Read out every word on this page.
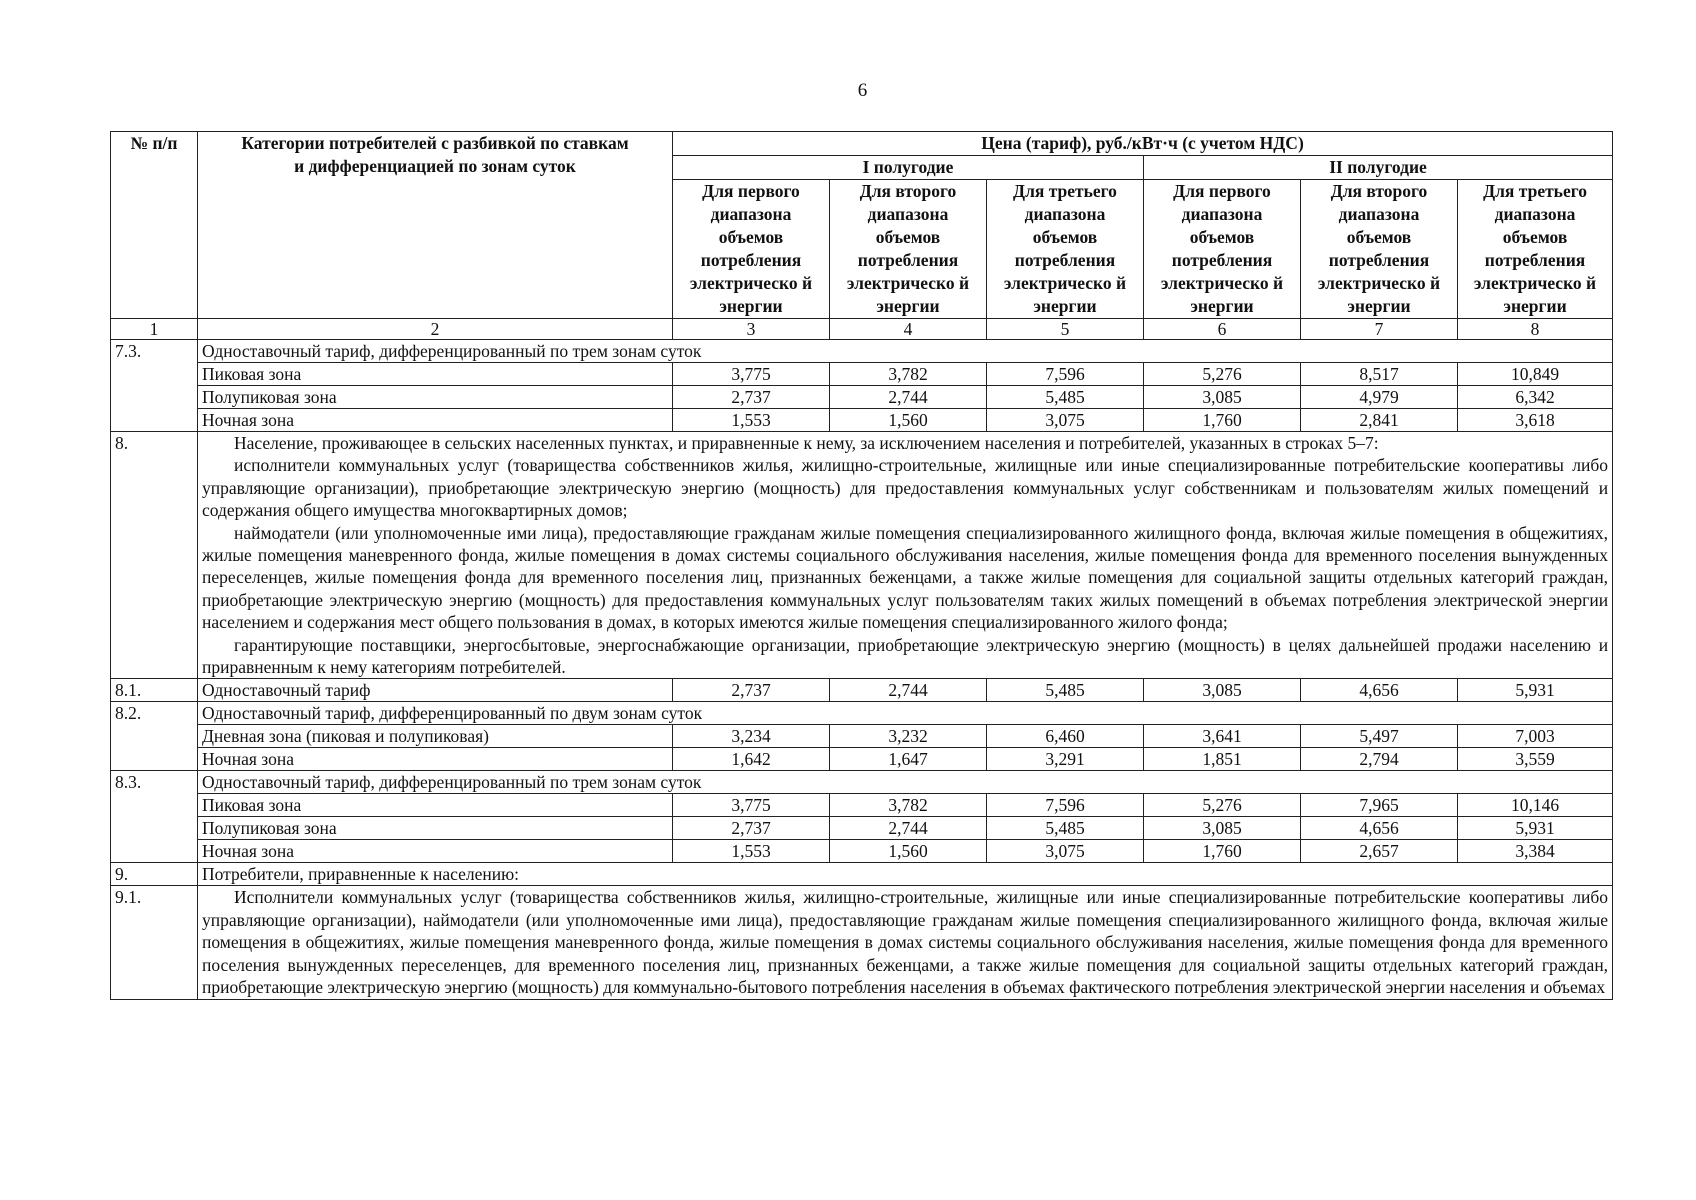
6
№ п/п	Категории потребителей с разбивкой по ставкам и дифференциацией по зонам суток	Цена (тариф), руб./кВт·ч (с учетом НДС)					
		I полугодие			II полугодие		
		Для первого диапазона объемов потребления электрическо й энергии	Для второго диапазона объемов потребления электрическо й энергии	Для третьего диапазона объемов потребления электрическо й энергии	Для первого диапазона объемов потребления электрическо й энергии	Для второго диапазона объемов потребления электрическо й энергии	Для третьего диапазона объемов потребления электрическо й энергии
1	2	3	4	5	6	7	8
7.3.	Одноставочный тариф, дифференцированный по трем зонам суток						
	Пиковая зона	3,775	3,782	7,596	5,276	8,517	10,849
	Полупиковая зона	2,737	2,744	5,485	3,085	4,979	6,342
	Ночная зона	1,553	1,560	3,075	1,760	2,841	3,618
8.	Население, проживающее в сельских населенных пунктах, и приравненные к нему, за исключением населения и потребителей, указанных в строках 5–7:

исполнители коммунальных услуг (товарищества собственников жилья, жилищно-строительные, жилищные или иные специализированные потребительские кооперативы либо управляющие организации), приобретающие электрическую энергию (мощность) для предоставления коммунальных услуг собственникам и пользователям жилых помещений и содержания общего имущества многоквартирных домов;

наймодатели (или уполномоченные ими лица), предоставляющие гражданам жилые помещения специализированного жилищного фонда, включая жилые помещения в общежитиях, жилые помещения маневренного фонда, жилые помещения в домах системы социального обслуживания населения, жилые помещения фонда для временного поселения вынужденных переселенцев, жилые помещения фонда для временного поселения лиц, признанных беженцами, а также жилые помещения для социальной защиты отдельных категорий граждан, приобретающие электрическую энергию (мощность) для предоставления коммунальных услуг пользователям таких жилых помещений в объемах потребления электрической энергии населением и содержания мест общего пользования в домах, в которых имеются жилые помещения специализированного жилого фонда;

гарантирующие поставщики, энергосбытовые, энергоснабжающие организации, приобретающие электрическую энергию (мощность) в целях дальнейшей продажи населению и приравненным к нему категориям потребителей.						

8.1.	Одноставочный тариф	2,737	2,744	5,485	3,085	4,656	5,931
8.2.	Одноставочный тариф, дифференцированный по двум зонам суток						
	Дневная зона (пиковая и полупиковая)	3,234	3,232	6,460	3,641	5,497	7,003
	Ночная зона	1,642	1,647	3,291	1,851	2,794	3,559
8.3.	Одноставочный тариф, дифференцированный по трем зонам суток						
	Пиковая зона	3,775	3,782	7,596	5,276	7,965	10,146
	Полупиковая зона	2,737	2,744	5,485	3,085	4,656	5,931
	Ночная зона	1,553	1,560	3,075	1,760	2,657	3,384
9.	Потребители, приравненные к населению:						
9.1.	Исполнители коммунальных услуг (товарищества собственников жилья, жилищно-строительные, жилищные или иные специализированные потребительские кооперативы либо управляющие организации), наймодатели (или уполномоченные ими лица), предоставляющие гражданам жилые помещения специализированного жилищного фонда, включая жилые помещения в общежитиях, жилые помещения маневренного фонда, жилые помещения в домах системы социального обслуживания населения, жилые помещения фонда для временного поселения вынужденных переселенцев, для временного поселения лиц, признанных беженцами, а также жилые помещения для социальной защиты отдельных категорий граждан, приобретающие электрическую энергию (мощность) для коммунально-бытового потребления населения в объемах фактического потребления электрической энергии населения и объемах						
